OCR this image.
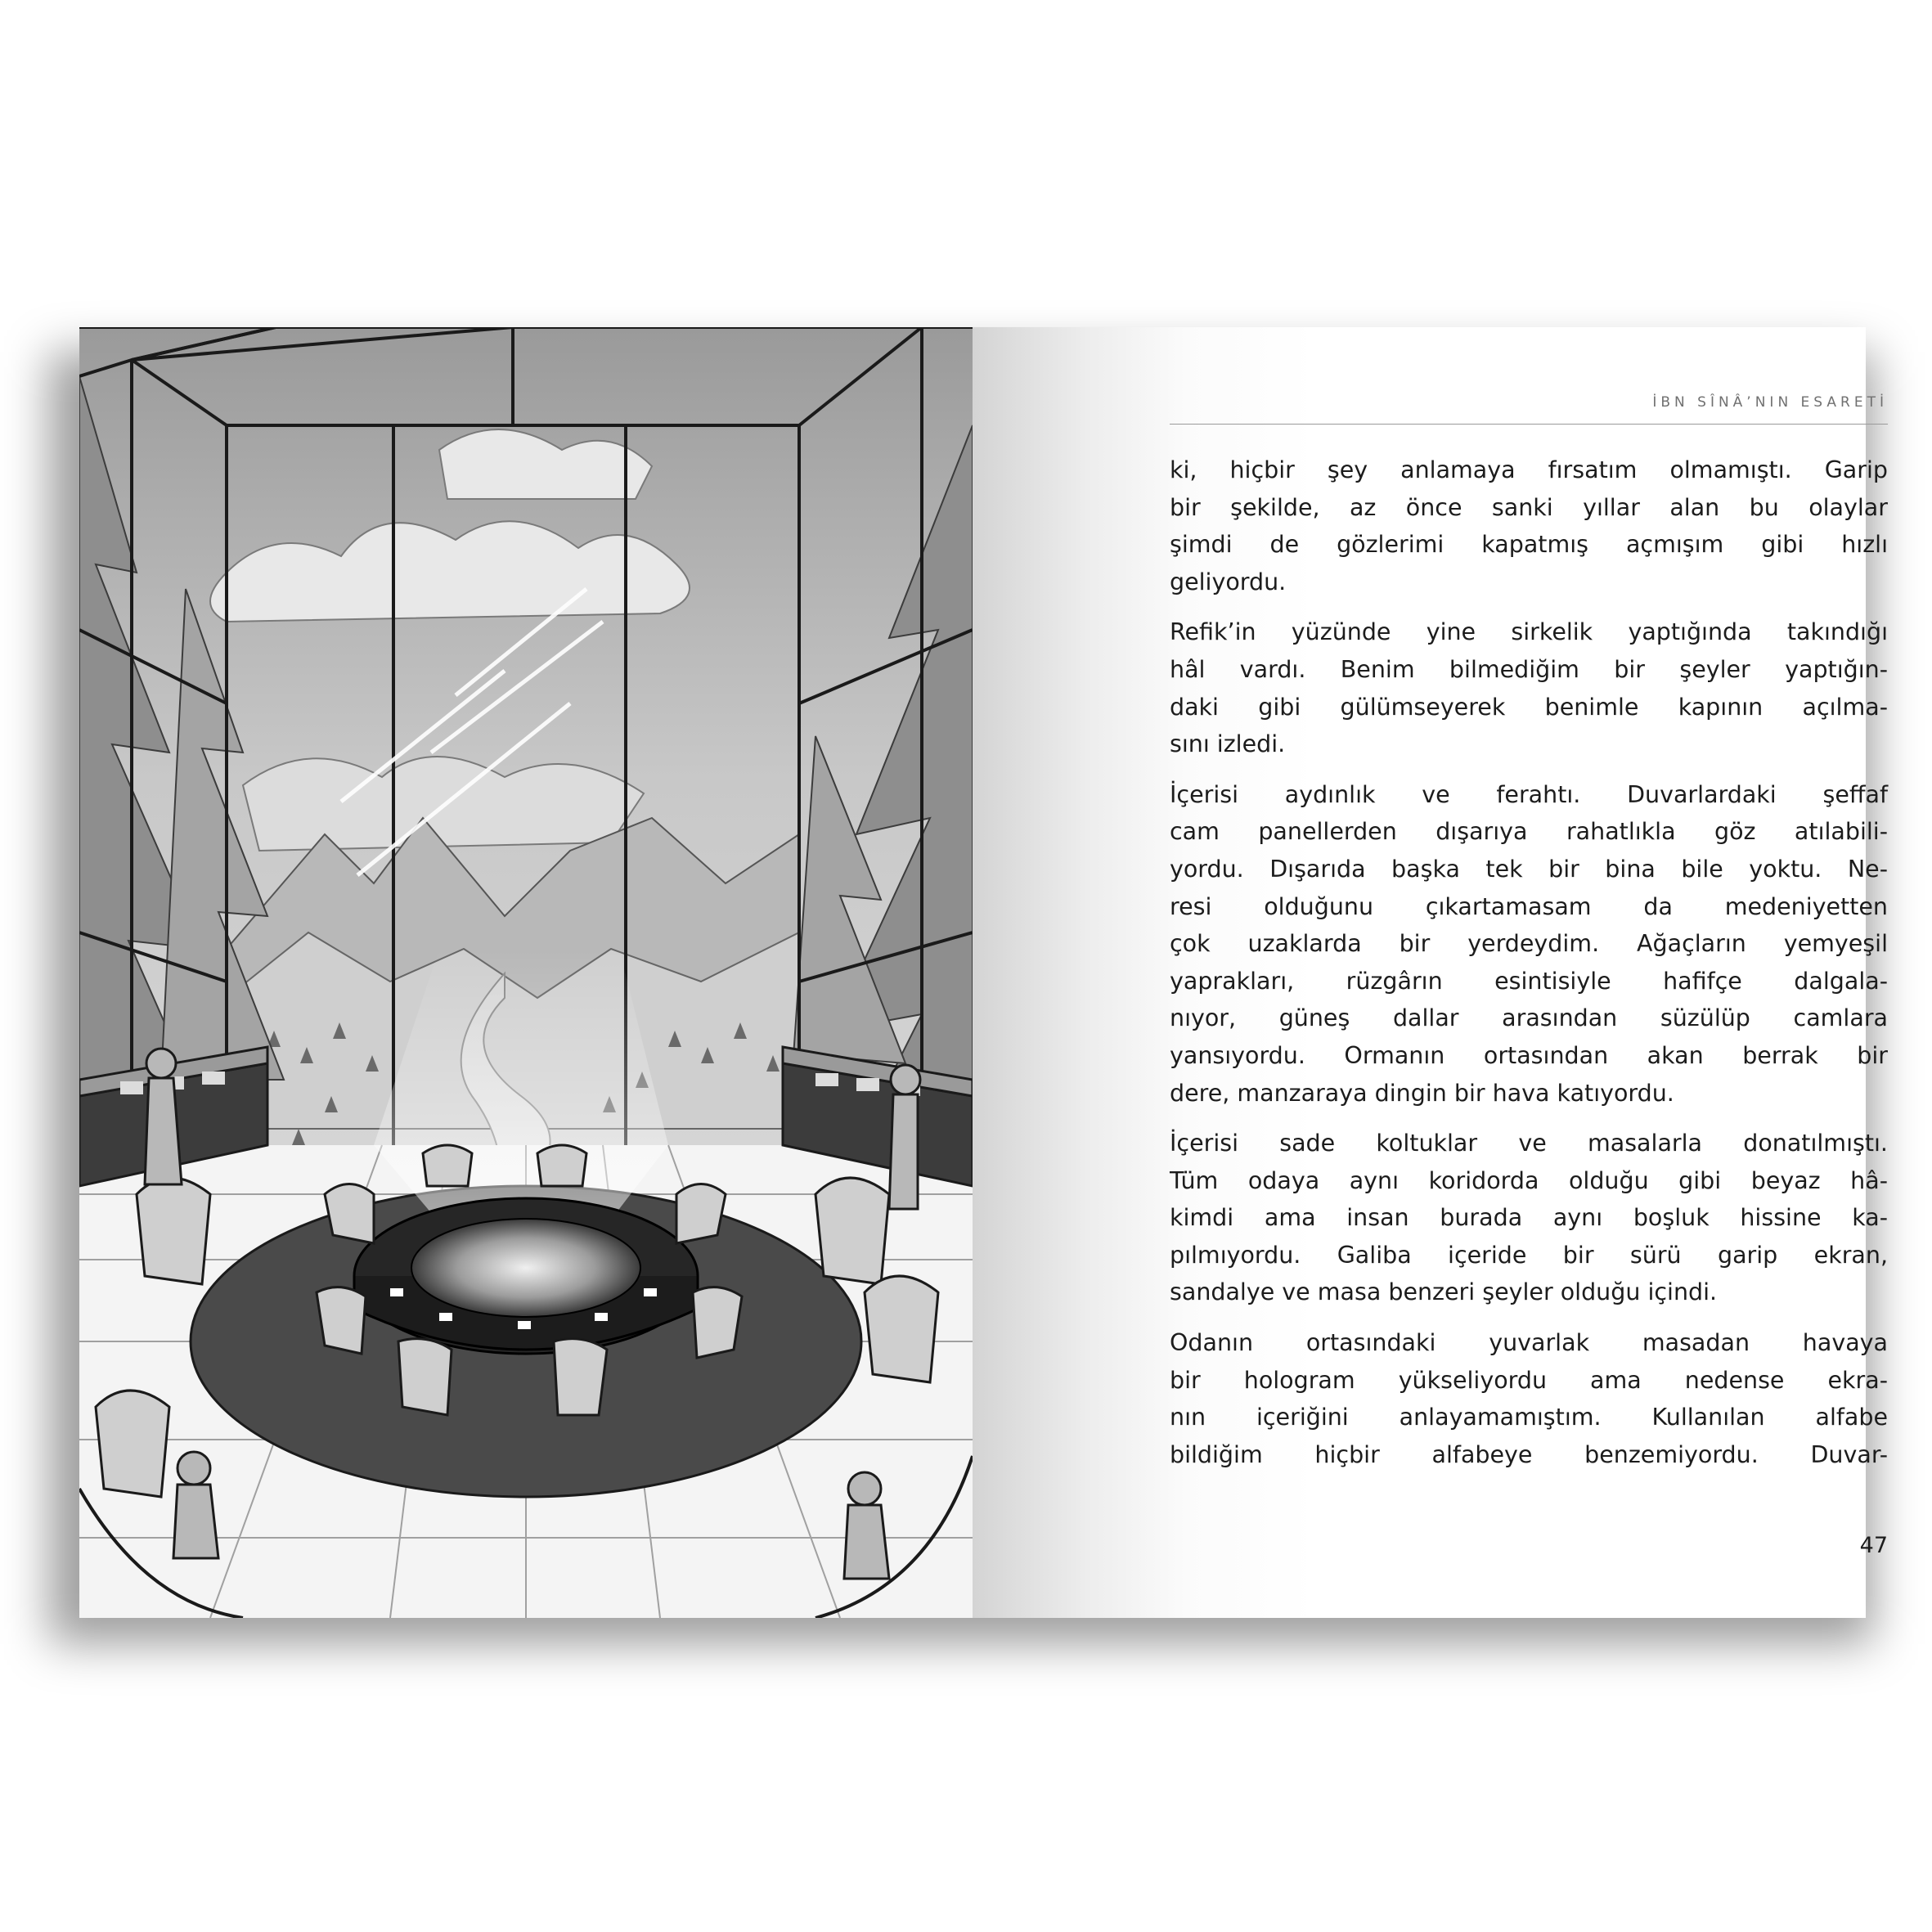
İBN SÎNÂ’NIN ESARETİ

ki, hiçbir şey anlamaya fırsatım olmamıştı. Garip
bir şekilde, az önce sanki yıllar alan bu olaylar
şimdi de gözlerimi kapatmış açmışım gibi hızlı
geliyordu.

Refik’in yüzünde yine sirkelik yaptığında takındığı
hâl vardı. Benim bilmediğim bir şeyler yaptığın-
daki gibi gülümseyerek benimle kapının açılma-
sını izledi.

İçerisi aydınlık ve ferahtı. Duvarlardaki şeffaf
cam panellerden dışarıya rahatlıkla göz atılabili-
yordu. Dışarıda başka tek bir bina bile yoktu. Ne-
resi olduğunu çıkartamasam da medeniyetten
çok uzaklarda bir yerdeydim. Ağaçların yemyeşil
yaprakları, rüzgârın esintisiyle hafifçe dalgala-
nıyor, güneş dallar arasından süzülüp camlara
yansıyordu. Ormanın ortasından akan berrak bir
dere, manzaraya dingin bir hava katıyordu.

İçerisi sade koltuklar ve masalarla donatılmıştı.
Tüm odaya aynı koridorda olduğu gibi beyaz hâ-
kimdi ama insan burada aynı boşluk hissine ka-
pılmıyordu. Galiba içeride bir sürü garip ekran,
sandalye ve masa benzeri şeyler olduğu içindi.

Odanın ortasındaki yuvarlak masadan havaya
bir hologram yükseliyordu ama nedense ekra-
nın içeriğini anlayamamıştım. Kullanılan alfabe
bildiğim hiçbir alfabeye benzemiyordu. Duvar-

47
